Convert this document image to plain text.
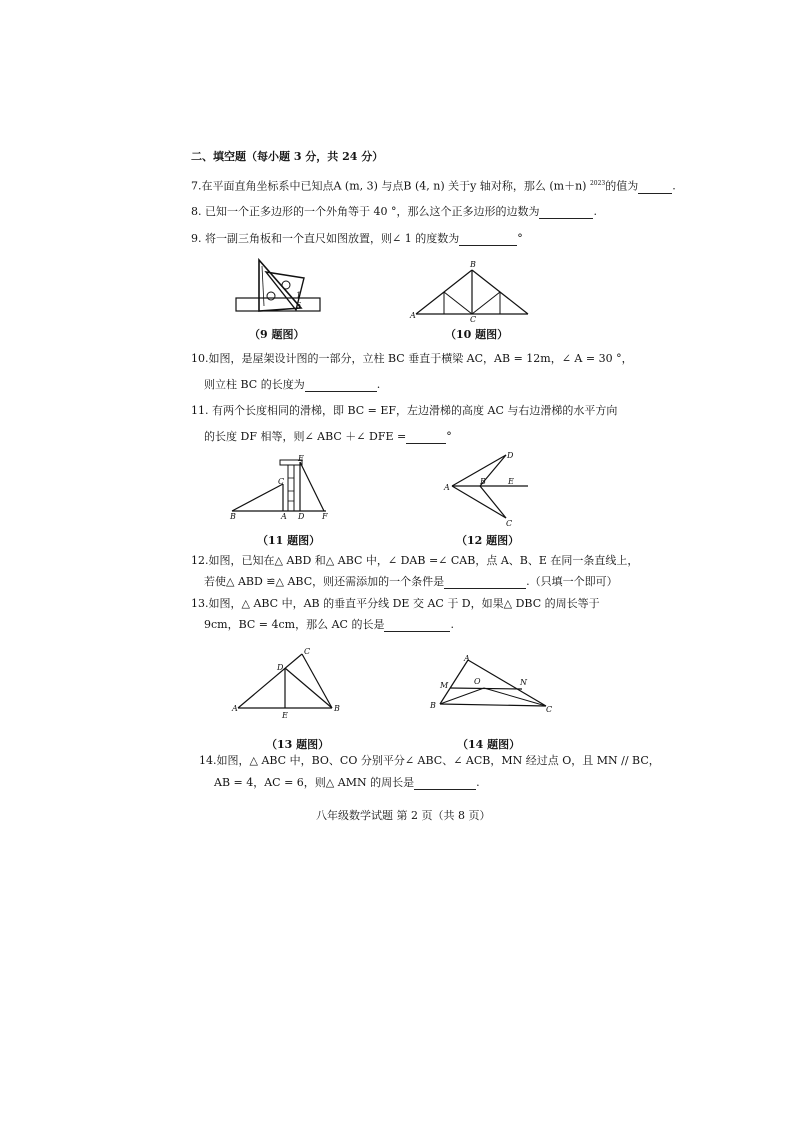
二、填空题（每小题 3 分，共 24 分）
7.在平面直角坐标系中已知点A (m, 3) 与点B (4, n) 关于y 轴对称，那么 (m＋n) $^{2023}$的值为	.
8. 已知一个正多边形的一个外角等于 40 °，那么这个正多边形的边数为	.
9. 将一副三角板和一个直尺如图放置，则∠ 1 的度数为	°
1
6
A
B
C
（9 题图）	（10 题图）
10.如图，是屋架设计图的一部分，立柱 BC 垂直于横梁 AC，AB = 12m，∠ A = 30 °，
则立柱 BC 的长度为	.
11. 有两个长度相同的滑梯，即 BC = EF，左边滑梯的高度 AC 与右边滑梯的水平方向
的长度 DF 相等，则∠ ABC ＋∠ DFE =	°
E
C
B	A D F
A
B	E
D
C
（11 题图）	（12 题图）
12.如图，已知在△ ABD 和△ ABC 中，∠ DAB =∠ CAB，点 A、B、E 在同一条直线上，
若使△ ABD ≌△ ABC，则还需添加的一个条件是	.（只填一个即可）
13.如图，△ ABC 中，AB 的垂直平分线 DE 交 AC 于 D，如果△ DBC 的周长等于
9cm，BC = 4cm，那么 AC 的长是	.
C
D
A
E
B
A
M	O	N
B	C
（13 题图）	（14 题图）
14.如图，△ ABC 中，BO、CO 分别平分∠ ABC、∠ ACB，MN 经过点 O，且 MN // BC，
AB = 4，AC = 6，则△ AMN 的周长是	.
八年级数学试题 第 2 页（共 8 页）
